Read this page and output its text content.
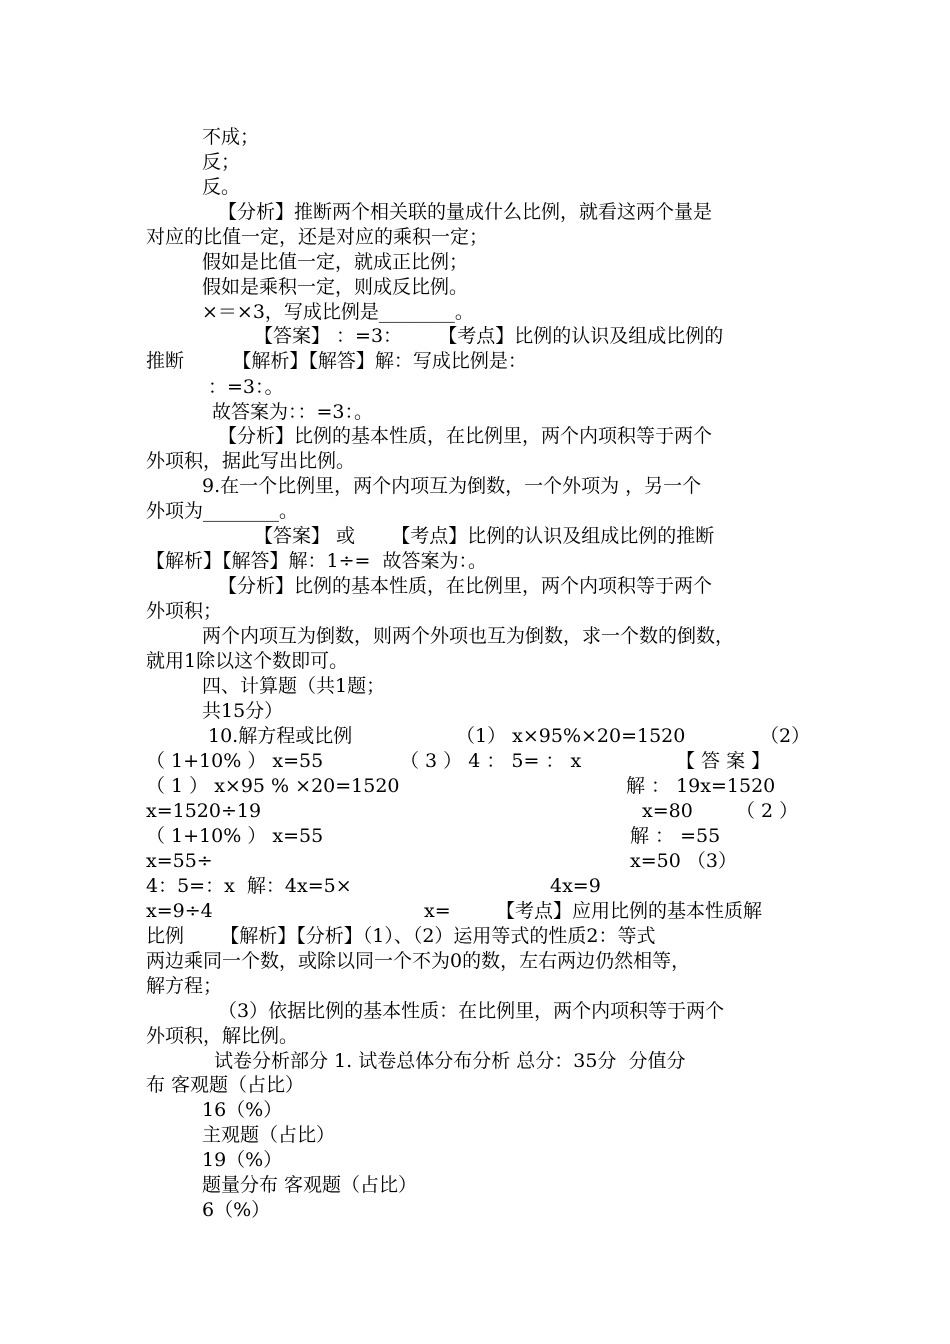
不成；
反；
反。
【分析】推断两个相关联的量成什么比例，就看这两个量是
对应的比值一定，还是对应的乘积一定；
假如是比值一定，就成正比例；
假如是乘积一定，则成反比例。
×＝×3，写成比例是________。
【答案】 ：=3：      【考点】比例的认识及组成比例的
推断        【解析】【解答】解：写成比例是：
：=3：。
故答案为：：=3：。
【分析】比例的基本性质，在比例里，两个内项积等于两个
外项积，据此写出比例。
9.在一个比例里，两个内项互为倒数，一个外项为 ，另一个
外项为________。
【答案】 或      【考点】比例的认识及组成比例的推断
【解析】【解答】解：1÷=  故答案为：。
【分析】比例的基本性质，在比例里，两个内项积等于两个
外项积；
两个内项互为倒数，则两个外项也互为倒数，求一个数的倒数，
就用1除以这个数即可。
四、计算题（共1题；
共15分）
10.解方程或比例	（1） x×95%×20=1520	（2）
（ 1+10% ） x=55	（ 3 ） 4 ： 5= ： x	【 答 案 】
（ 1 ） x×95 % ×20=1520	解 ： 19x=1520
x=1520÷19	x=80 （ 2 ）
（ 1+10% ） x=55	解 ： =55
x=55÷	x=50 （3）
4：5=：x  解：4x=5×	4x=9
x=9÷4	x= 【考点】应用比例的基本性质解
比例      【解析】【分析】（1）、（2）运用等式的性质2：等式
两边乘同一个数，或除以同一个不为0的数，左右两边仍然相等，
解方程；
（3）依据比例的基本性质：在比例里，两个内项积等于两个
外项积，解比例。
试卷分析部分 1. 试卷总体分布分析 总分：35分  分值分
布 客观题（占比）
16（%）
主观题（占比）
19（%）
题量分布 客观题（占比）
6（%）
